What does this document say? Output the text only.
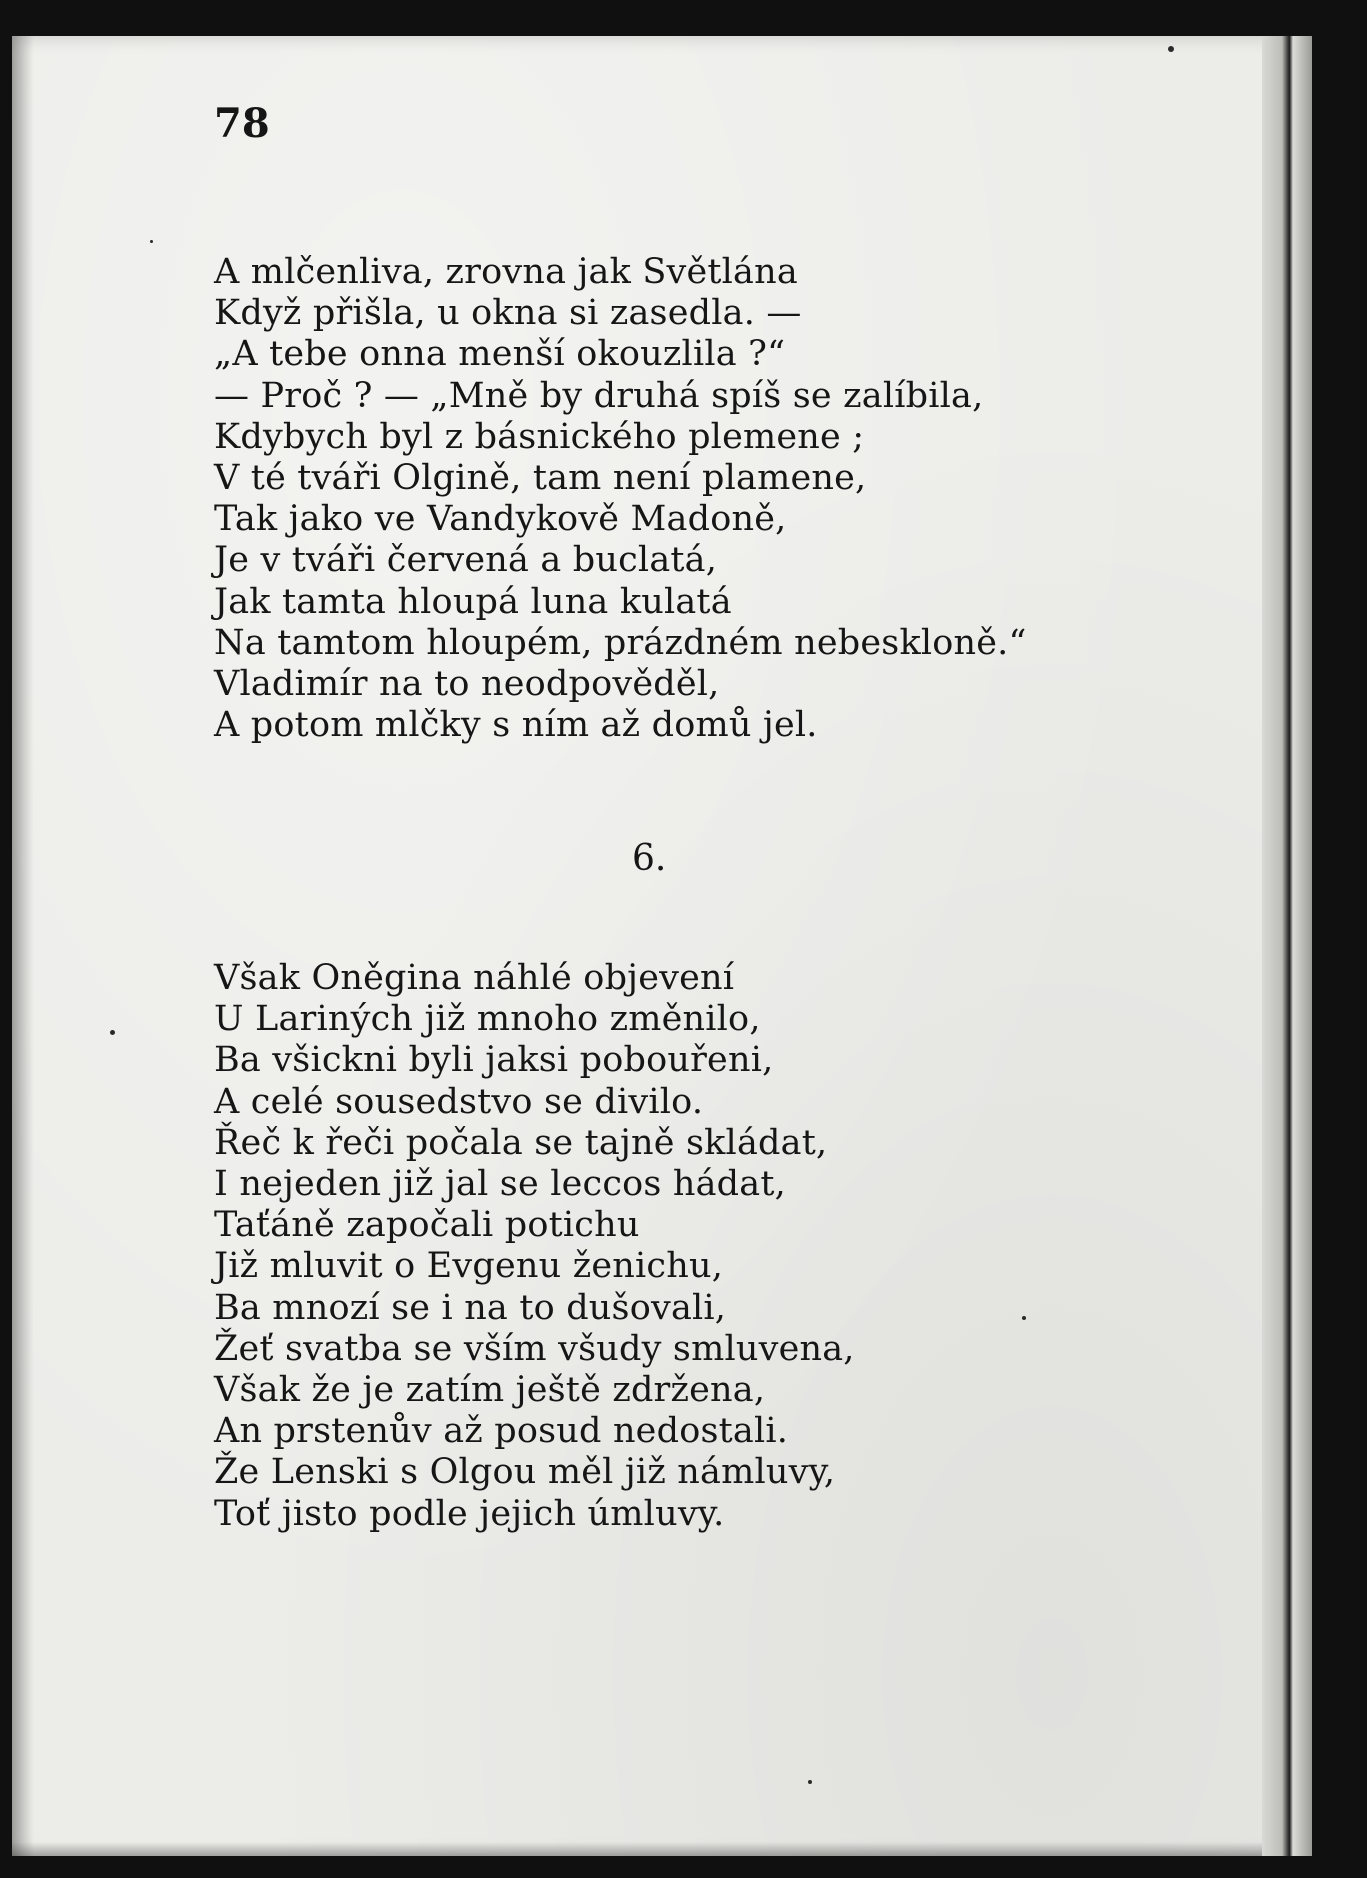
78
A mlčenliva, zrovna jak Světlána
Když přišla, u okna si zasedla. —
„A tebe onna menší okouzlila ?“
— Proč ? — „Mně by druhá spíš se zalíbila,
Kdybych byl z básnického plemene ;
V té tváři Olgině, tam není plamene,
Tak jako ve Vandykově Madoně,
Je v tváři červená a buclatá,
Jak tamta hloupá luna kulatá
Na tamtom hloupém, prázdném nebeskloně.“
Vladimír na to neodpověděl,
A potom mlčky s ním až domů jel.
6.
Však Oněgina náhlé objevení
U Lariných již mnoho změnilo,
Ba všickni byli jaksi pobouřeni,
A celé sousedstvo se divilo.
Řeč k řeči počala se tajně skládat,
I nejeden již jal se leccos hádat,
Taťáně započali potichu
Již mluvit o Evgenu ženichu,
Ba mnozí se i na to dušovali,
Žeť svatba se vším všudy smluvena,
Však že je zatím ještě zdržena,
An prstenův až posud nedostali.
Že Lenski s Olgou měl již námluvy,
Toť jisto podle jejich úmluvy.
